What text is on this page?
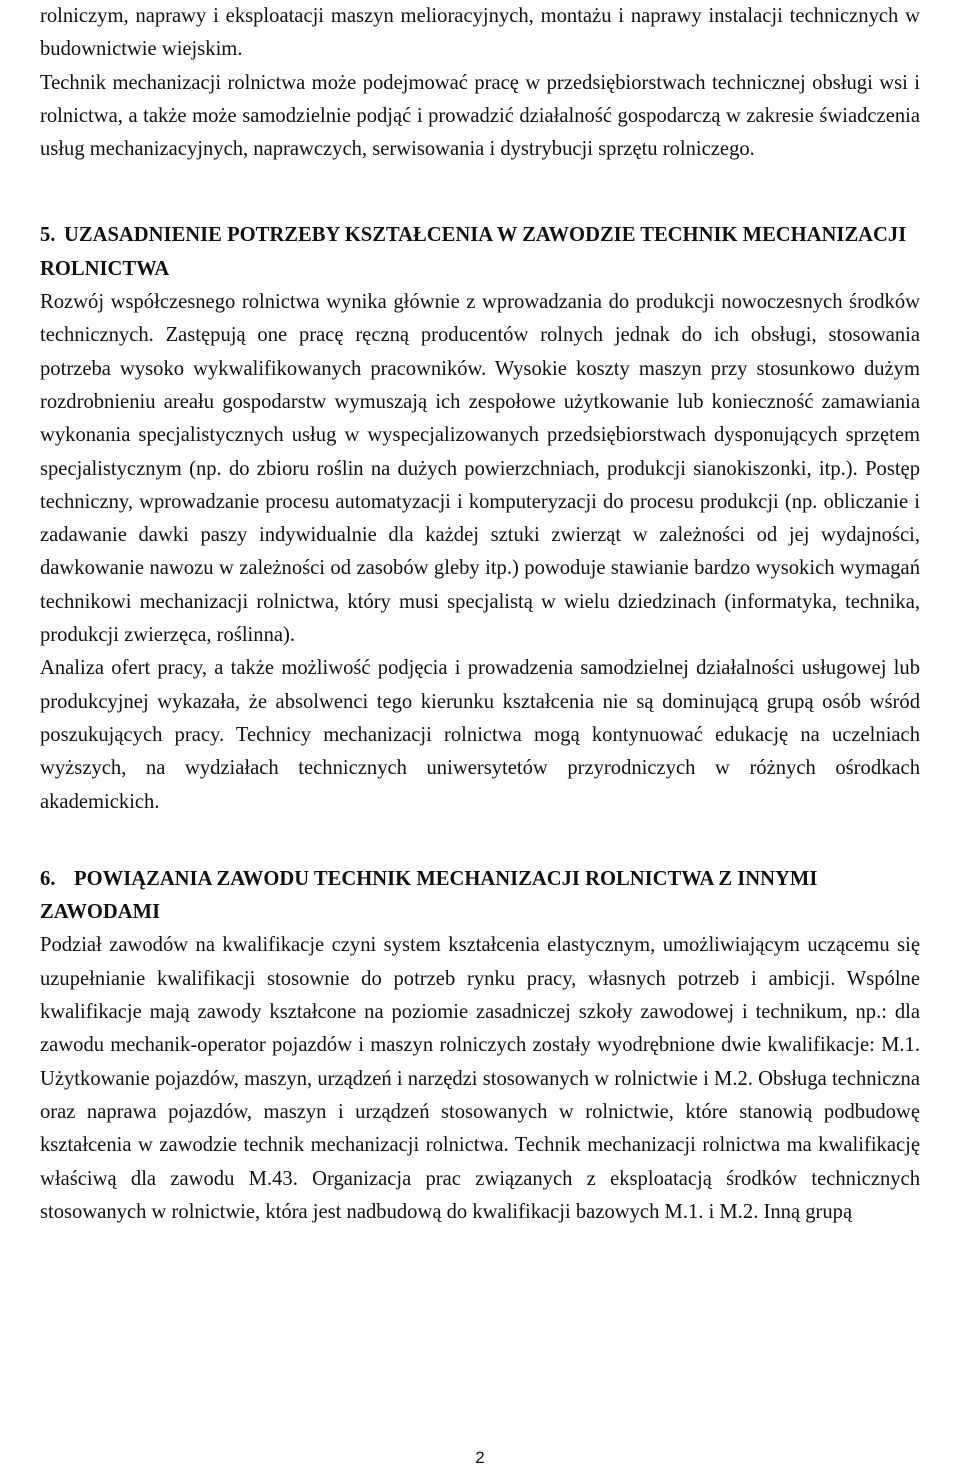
rolniczym, naprawy i eksploatacji maszyn melioracyjnych, montażu i naprawy instalacji technicznych w budownictwie wiejskim.

Technik mechanizacji rolnictwa może podejmować pracę w przedsiębiorstwach technicznej obsługi wsi i rolnictwa, a także może samodzielnie podjąć i prowadzić działalność gospodarczą w zakresie świadczenia usług mechanizacyjnych, naprawczych, serwisowania i dystrybucji sprzętu rolniczego.

5. UZASADNIENIE POTRZEBY KSZTAŁCENIA W ZAWODZIE TECHNIK MECHANIZACJI ROLNICTWA

Rozwój współczesnego rolnictwa wynika głównie z wprowadzania do produkcji nowoczesnych środków technicznych. Zastępują one pracę ręczną producentów rolnych jednak do ich obsługi, stosowania potrzeba wysoko wykwalifikowanych pracowników. Wysokie koszty maszyn przy stosunkowo dużym rozdrobnieniu areału gospodarstw wymuszają ich zespołowe użytkowanie lub konieczność zamawiania wykonania specjalistycznych usług w wyspecjalizowanych przedsiębiorstwach dysponujących sprzętem specjalistycznym (np. do zbioru roślin na dużych powierzchniach, produkcji sianokiszonki, itp.). Postęp techniczny, wprowadzanie procesu automatyzacji i komputeryzacji do procesu produkcji (np. obliczanie i zadawanie dawki paszy indywidualnie dla każdej sztuki zwierząt w zależności od jej wydajności, dawkowanie nawozu w zależności od zasobów gleby itp.) powoduje stawianie bardzo wysokich wymagań technikowi mechanizacji rolnictwa, który musi specjalistą w wielu dziedzinach (informatyka, technika, produkcji zwierzęca, roślinna).

Analiza ofert pracy, a także możliwość podjęcia i prowadzenia samodzielnej działalności usługowej lub produkcyjnej wykazała, że absolwenci tego kierunku kształcenia nie są dominującą grupą osób wśród poszukujących pracy. Technicy mechanizacji rolnictwa mogą kontynuować edukację na uczelniach wyższych, na wydziałach technicznych uniwersytetów przyrodniczych w różnych ośrodkach akademickich.

6. POWIĄZANIA ZAWODU TECHNIK MECHANIZACJI ROLNICTWA Z INNYMI ZAWODAMI

Podział zawodów na kwalifikacje czyni system kształcenia elastycznym, umożliwiającym uczącemu się uzupełnianie kwalifikacji stosownie do potrzeb rynku pracy, własnych potrzeb i ambicji. Wspólne kwalifikacje mają zawody kształcone na poziomie zasadniczej szkoły zawodowej i technikum, np.: dla zawodu mechanik-operator pojazdów i maszyn rolniczych zostały wyodrębnione dwie kwalifikacje: M.1. Użytkowanie pojazdów, maszyn, urządzeń i narzędzi stosowanych w rolnictwie i M.2. Obsługa techniczna oraz naprawa pojazdów, maszyn i urządzeń stosowanych w rolnictwie, które stanowią podbudowę kształcenia w zawodzie technik mechanizacji rolnictwa. Technik mechanizacji rolnictwa ma kwalifikację właściwą dla zawodu M.43. Organizacja prac związanych z eksploatacją środków technicznych stosowanych w rolnictwie, która jest nadbudową do kwalifikacji bazowych M.1. i M.2. Inną grupą

2
